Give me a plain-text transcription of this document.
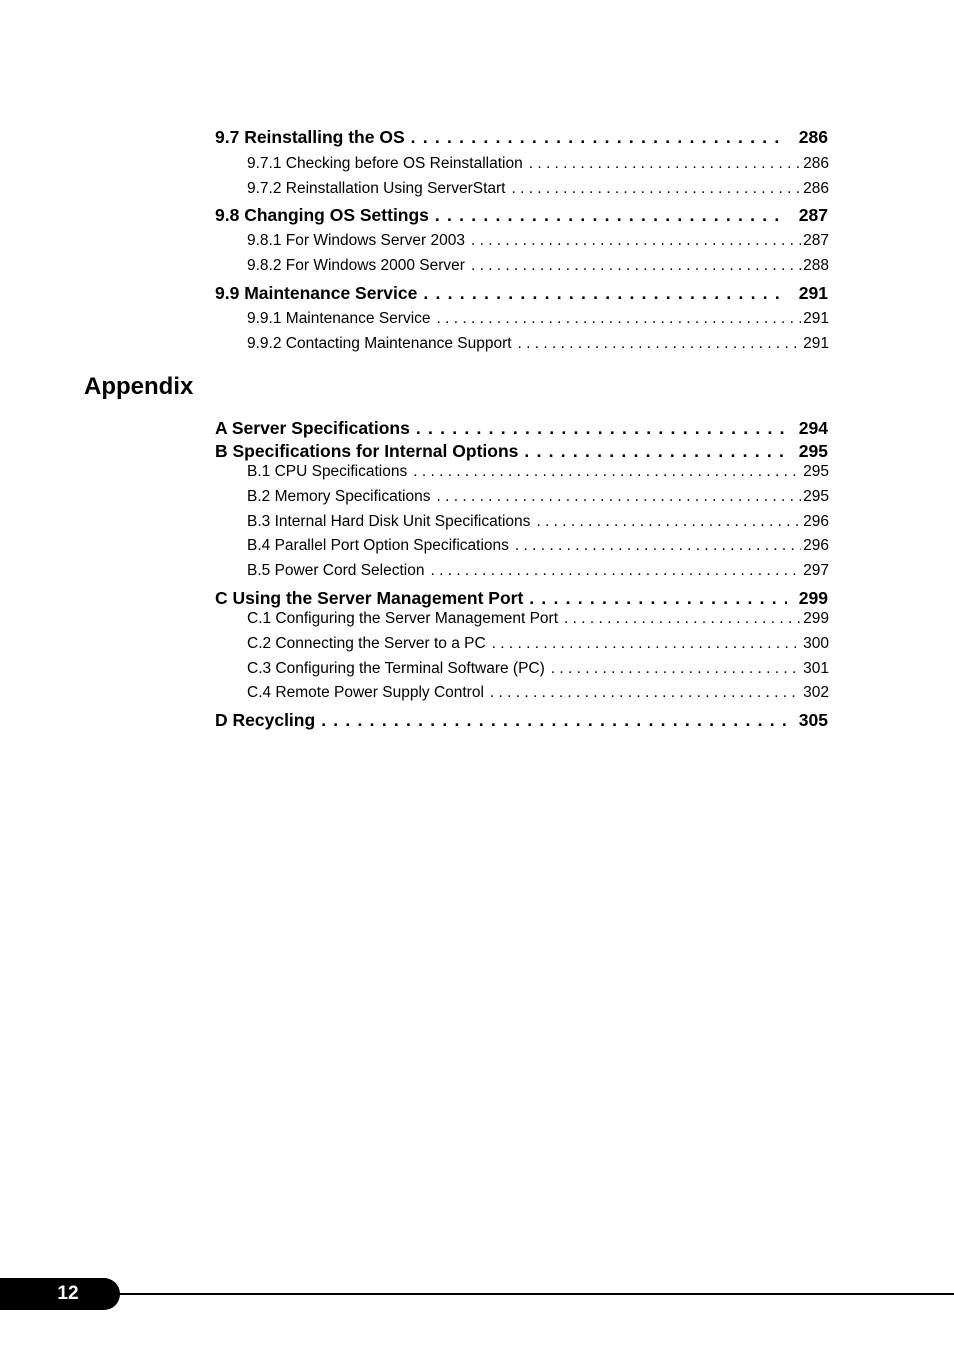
9.7 Reinstalling the OS . . .	286
9.7.1 Checking before OS Reinstallation . . .	286
9.7.2 Reinstallation Using ServerStart . . .	286
9.8 Changing OS Settings . . .	287
9.8.1 For Windows Server 2003 . . .	287
9.8.2 For Windows 2000 Server . . .	288
9.9 Maintenance Service . . .	291
9.9.1 Maintenance Service . . .	291
9.9.2 Contacting Maintenance Support . . .	291
Appendix
A Server Specifications . . .	294
B Specifications for Internal Options . . .	295
B.1 CPU Specifications . . .	295
B.2 Memory Specifications . . .	295
B.3 Internal Hard Disk Unit Specifications . . .	296
B.4 Parallel Port Option Specifications . . .	296
B.5 Power Cord Selection . . .	297
C Using the Server Management Port . . .	299
C.1 Configuring the Server Management Port . . .	299
C.2 Connecting the Server to a PC . . .	300
C.3 Configuring the Terminal Software (PC) . . .	301
C.4 Remote Power Supply Control . . .	302
D Recycling . . .	305
12
